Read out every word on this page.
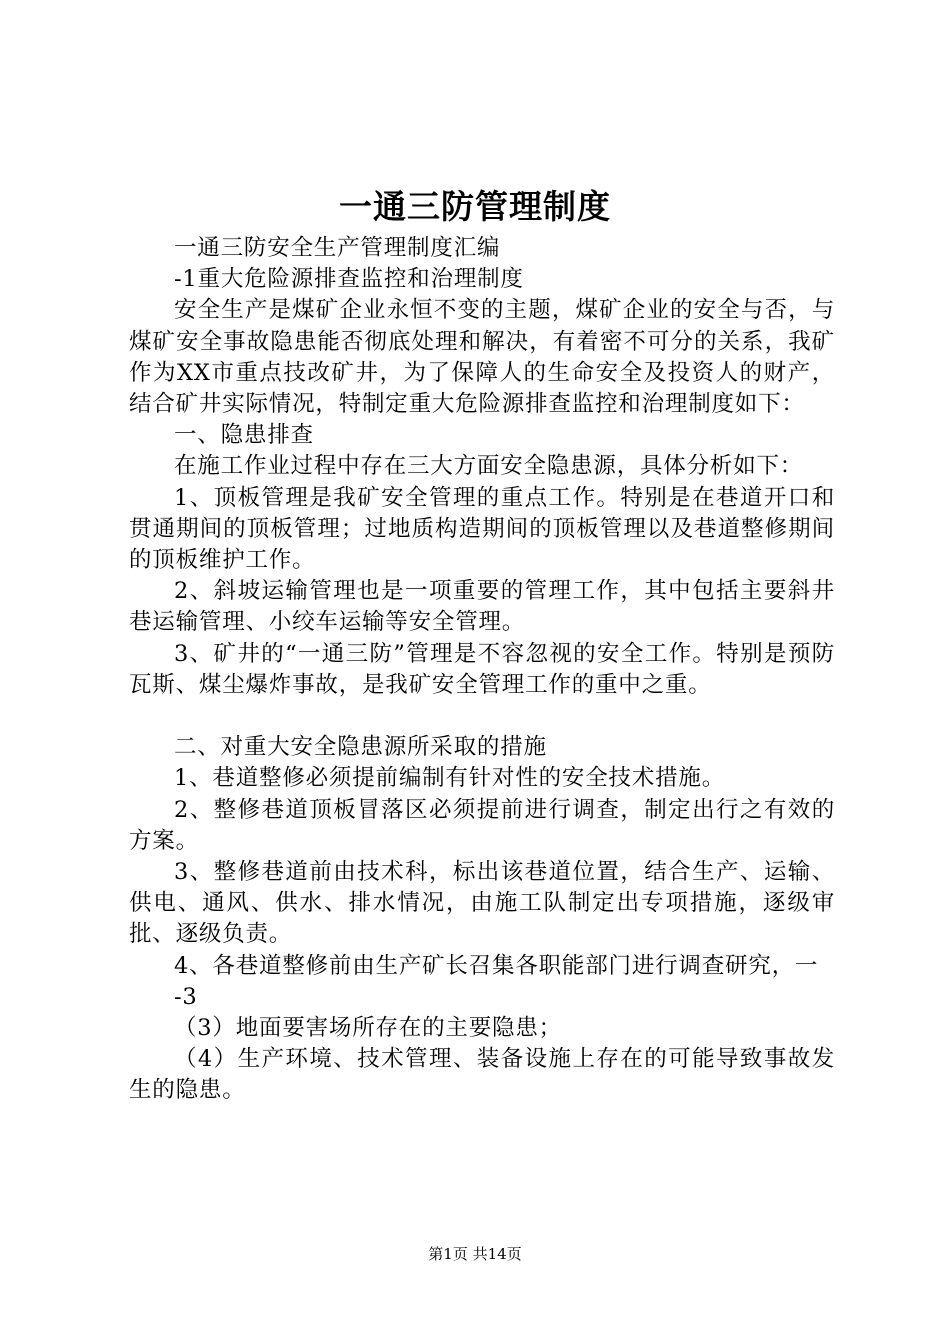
一通三防管理制度

一通三防安全生产管理制度汇编

-1重大危险源排查监控和治理制度

安全生产是煤矿企业永恒不变的主题，煤矿企业的安全与否，与煤矿安全事故隐患能否彻底处理和解决，有着密不可分的关系，我矿作为XX市重点技改矿井，为了保障人的生命安全及投资人的财产，结合矿井实际情况，特制定重大危险源排查监控和治理制度如下：

一、隐患排查

在施工作业过程中存在三大方面安全隐患源，具体分析如下：

1、顶板管理是我矿安全管理的重点工作。特别是在巷道开口和贯通期间的顶板管理；过地质构造期间的顶板管理以及巷道整修期间的顶板维护工作。

2、斜坡运输管理也是一项重要的管理工作，其中包括主要斜井巷运输管理、小绞车运输等安全管理。

3、矿井的“一通三防”管理是不容忽视的安全工作。特别是预防瓦斯、煤尘爆炸事故，是我矿安全管理工作的重中之重。

二、对重大安全隐患源所采取的措施

1、巷道整修必须提前编制有针对性的安全技术措施。

2、整修巷道顶板冒落区必须提前进行调查，制定出行之有效的方案。

3、整修巷道前由技术科，标出该巷道位置，结合生产、运输、供电、通风、供水、排水情况，由施工队制定出专项措施，逐级审批、逐级负责。

4、各巷道整修前由生产矿长召集各职能部门进行调查研究，一

-3

（3）地面要害场所存在的主要隐患；

（4）生产环境、技术管理、装备设施上存在的可能导致事故发生的隐患。

第1页 共14页
